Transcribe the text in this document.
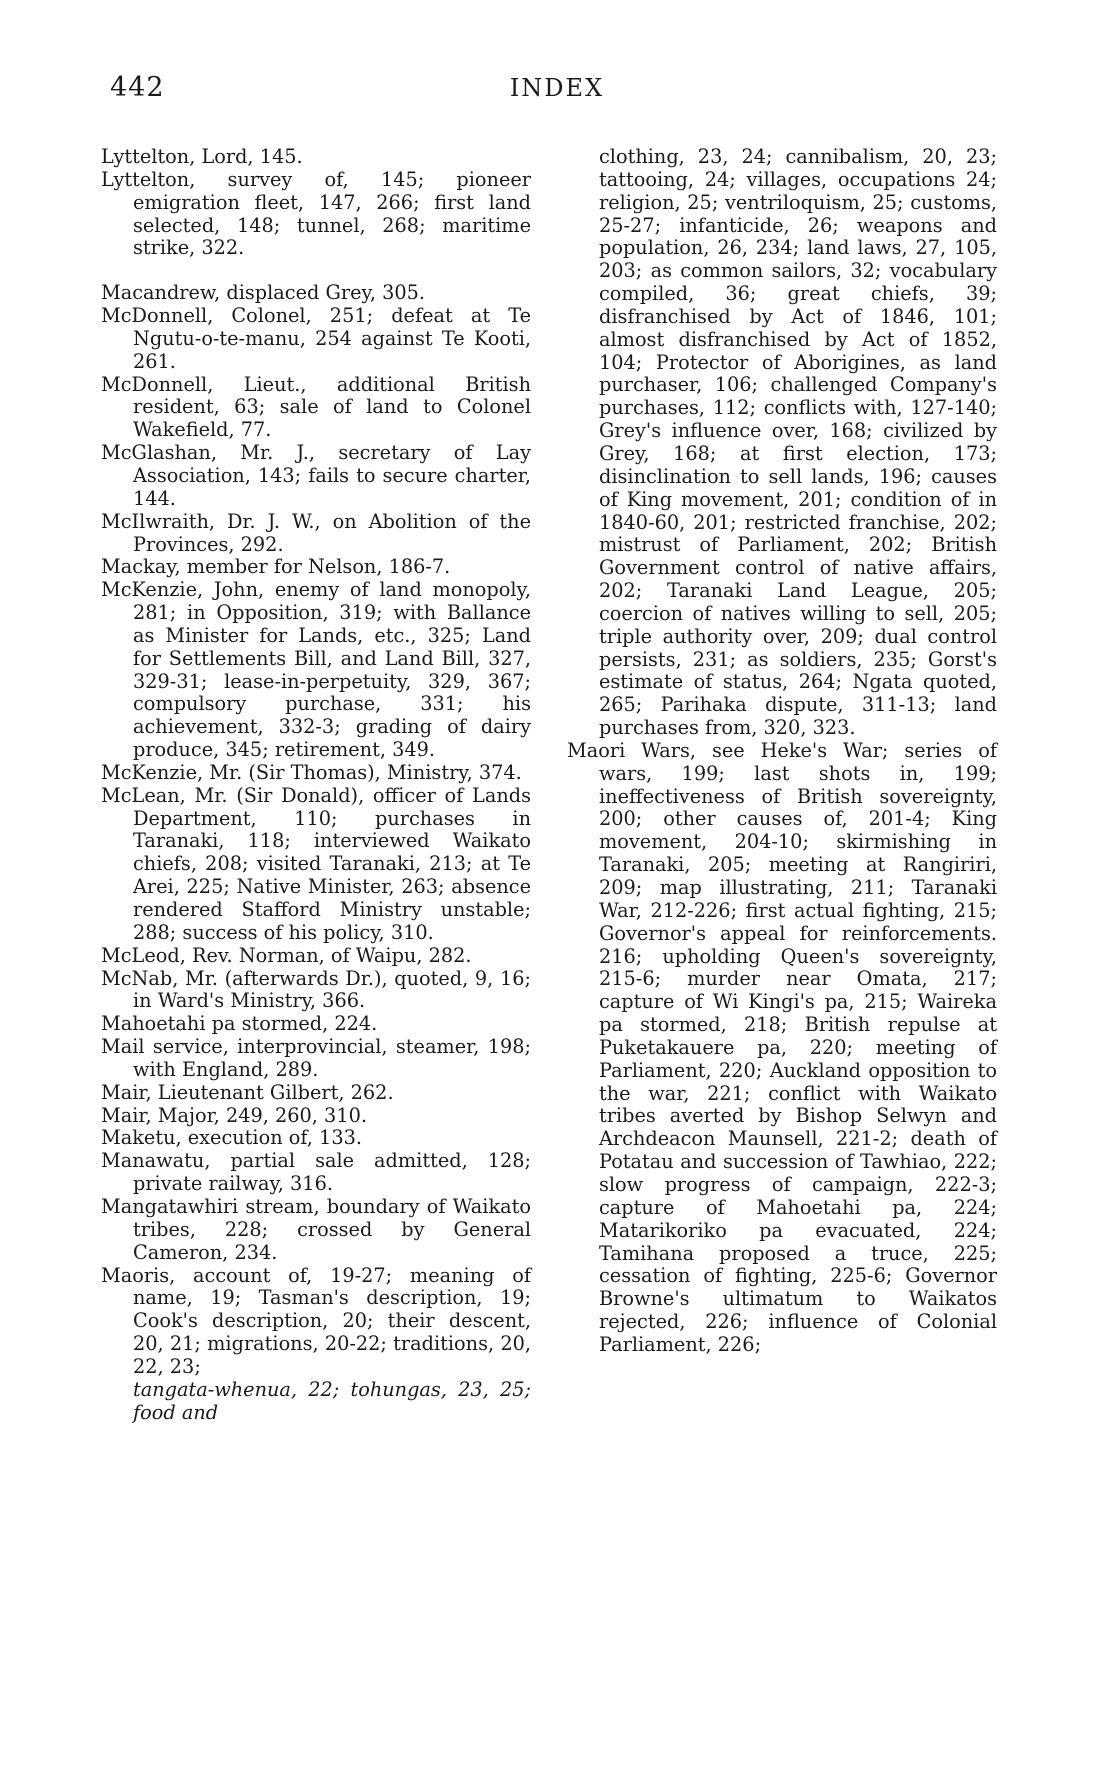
442	INDEX

Lyttelton, Lord, 145.

Lyttelton, survey of, 145; pioneer emigration fleet, 147, 266; first land selected, 148; tunnel, 268; maritime strike, 322.

Macandrew, displaced Grey, 305.

McDonnell, Colonel, 251; defeat at Te Ngutu-o-te-manu, 254 against Te Kooti, 261.

McDonnell, Lieut., additional British resident, 63; sale of land to Colonel Wakefield, 77.

McGlashan, Mr. J., secretary of Lay Association, 143; fails to secure charter, 144.

McIlwraith, Dr. J. W., on Abolition of the Provinces, 292.

Mackay, member for Nelson, 186-7.

McKenzie, John, enemy of land monopoly, 281; in Opposition, 319; with Ballance as Minister for Lands, etc., 325; Land for Settlements Bill, and Land Bill, 327, 329-31; lease-in-perpetuity, 329, 367; compulsory purchase, 331; his achievement, 332-3; grading of dairy produce, 345; retirement, 349.

McKenzie, Mr. (Sir Thomas), Ministry, 374.

McLean, Mr. (Sir Donald), officer of Lands Department, 110; purchases in Taranaki, 118; interviewed Waikato chiefs, 208; visited Taranaki, 213; at Te Arei, 225; Native Minister, 263; absence rendered Stafford Ministry unstable; 288; success of his policy, 310.

McLeod, Rev. Norman, of Waipu, 282.

McNab, Mr. (afterwards Dr.), quoted, 9, 16; in Ward's Ministry, 366.

Mahoetahi pa stormed, 224.

Mail service, interprovincial, steamer, 198; with England, 289.

Mair, Lieutenant Gilbert, 262.

Mair, Major, 249, 260, 310.

Maketu, execution of, 133.

Manawatu, partial sale admitted, 128; private railway, 316.

Mangatawhiri stream, boundary of Waikato tribes, 228; crossed by General Cameron, 234.

Maoris, account of, 19-27; meaning of name, 19; Tasman's description, 19; Cook's description, 20; their descent, 20, 21; migrations, 20-22; traditions, 20, 22, 23;

tangata-whenua, 22; tohungas, 23, 25; food and

clothing, 23, 24; cannibalism, 20, 23; tattooing, 24; villages, occupations 24; religion, 25; ventriloquism, 25; customs, 25-27; infanticide, 26; weapons and population, 26, 234; land laws, 27, 105, 203; as common sailors, 32; vocabulary compiled, 36; great chiefs, 39; disfranchised by Act of 1846, 101; almost disfranchised by Act of 1852, 104; Protector of Aborigines, as land purchaser, 106; challenged Company's purchases, 112; conflicts with, 127-140; Grey's influence over, 168; civilized by Grey, 168; at first election, 173; disinclination to sell lands, 196; causes of King movement, 201; condition of in 1840-60, 201; restricted franchise, 202; mistrust of Parliament, 202; British Government control of native affairs, 202; Taranaki Land League, 205; coercion of natives willing to sell, 205; triple authority over, 209; dual control persists, 231; as soldiers, 235; Gorst's estimate of status, 264; Ngata quoted, 265; Parihaka dispute, 311-13; land purchases from, 320, 323.

Maori Wars, see Heke's War; series of wars, 199; last shots in, 199; ineffectiveness of British sovereignty, 200; other causes of, 201-4; King movement, 204-10; skirmishing in Taranaki, 205; meeting at Rangiriri, 209; map illustrating, 211; Taranaki War, 212-226; first actual fighting, 215; Governor's appeal for reinforcements. 216; upholding Queen's sovereignty, 215-6; murder near Omata, 217; capture of Wi Kingi's pa, 215; Waireka pa stormed, 218; British repulse at Puketakauere pa, 220; meeting of Parliament, 220; Auckland opposition to the war, 221; conflict with Waikato tribes averted by Bishop Selwyn and Archdeacon Maunsell, 221-2; death of Potatau and succession of Tawhiao, 222; slow progress of campaign, 222-3; capture of Mahoetahi pa, 224; Matarikoriko pa evacuated, 224; Tamihana proposed a truce, 225; cessation of fighting, 225-6; Governor Browne's ultimatum to Waikatos rejected, 226; influence of Colonial Parliament, 226;
